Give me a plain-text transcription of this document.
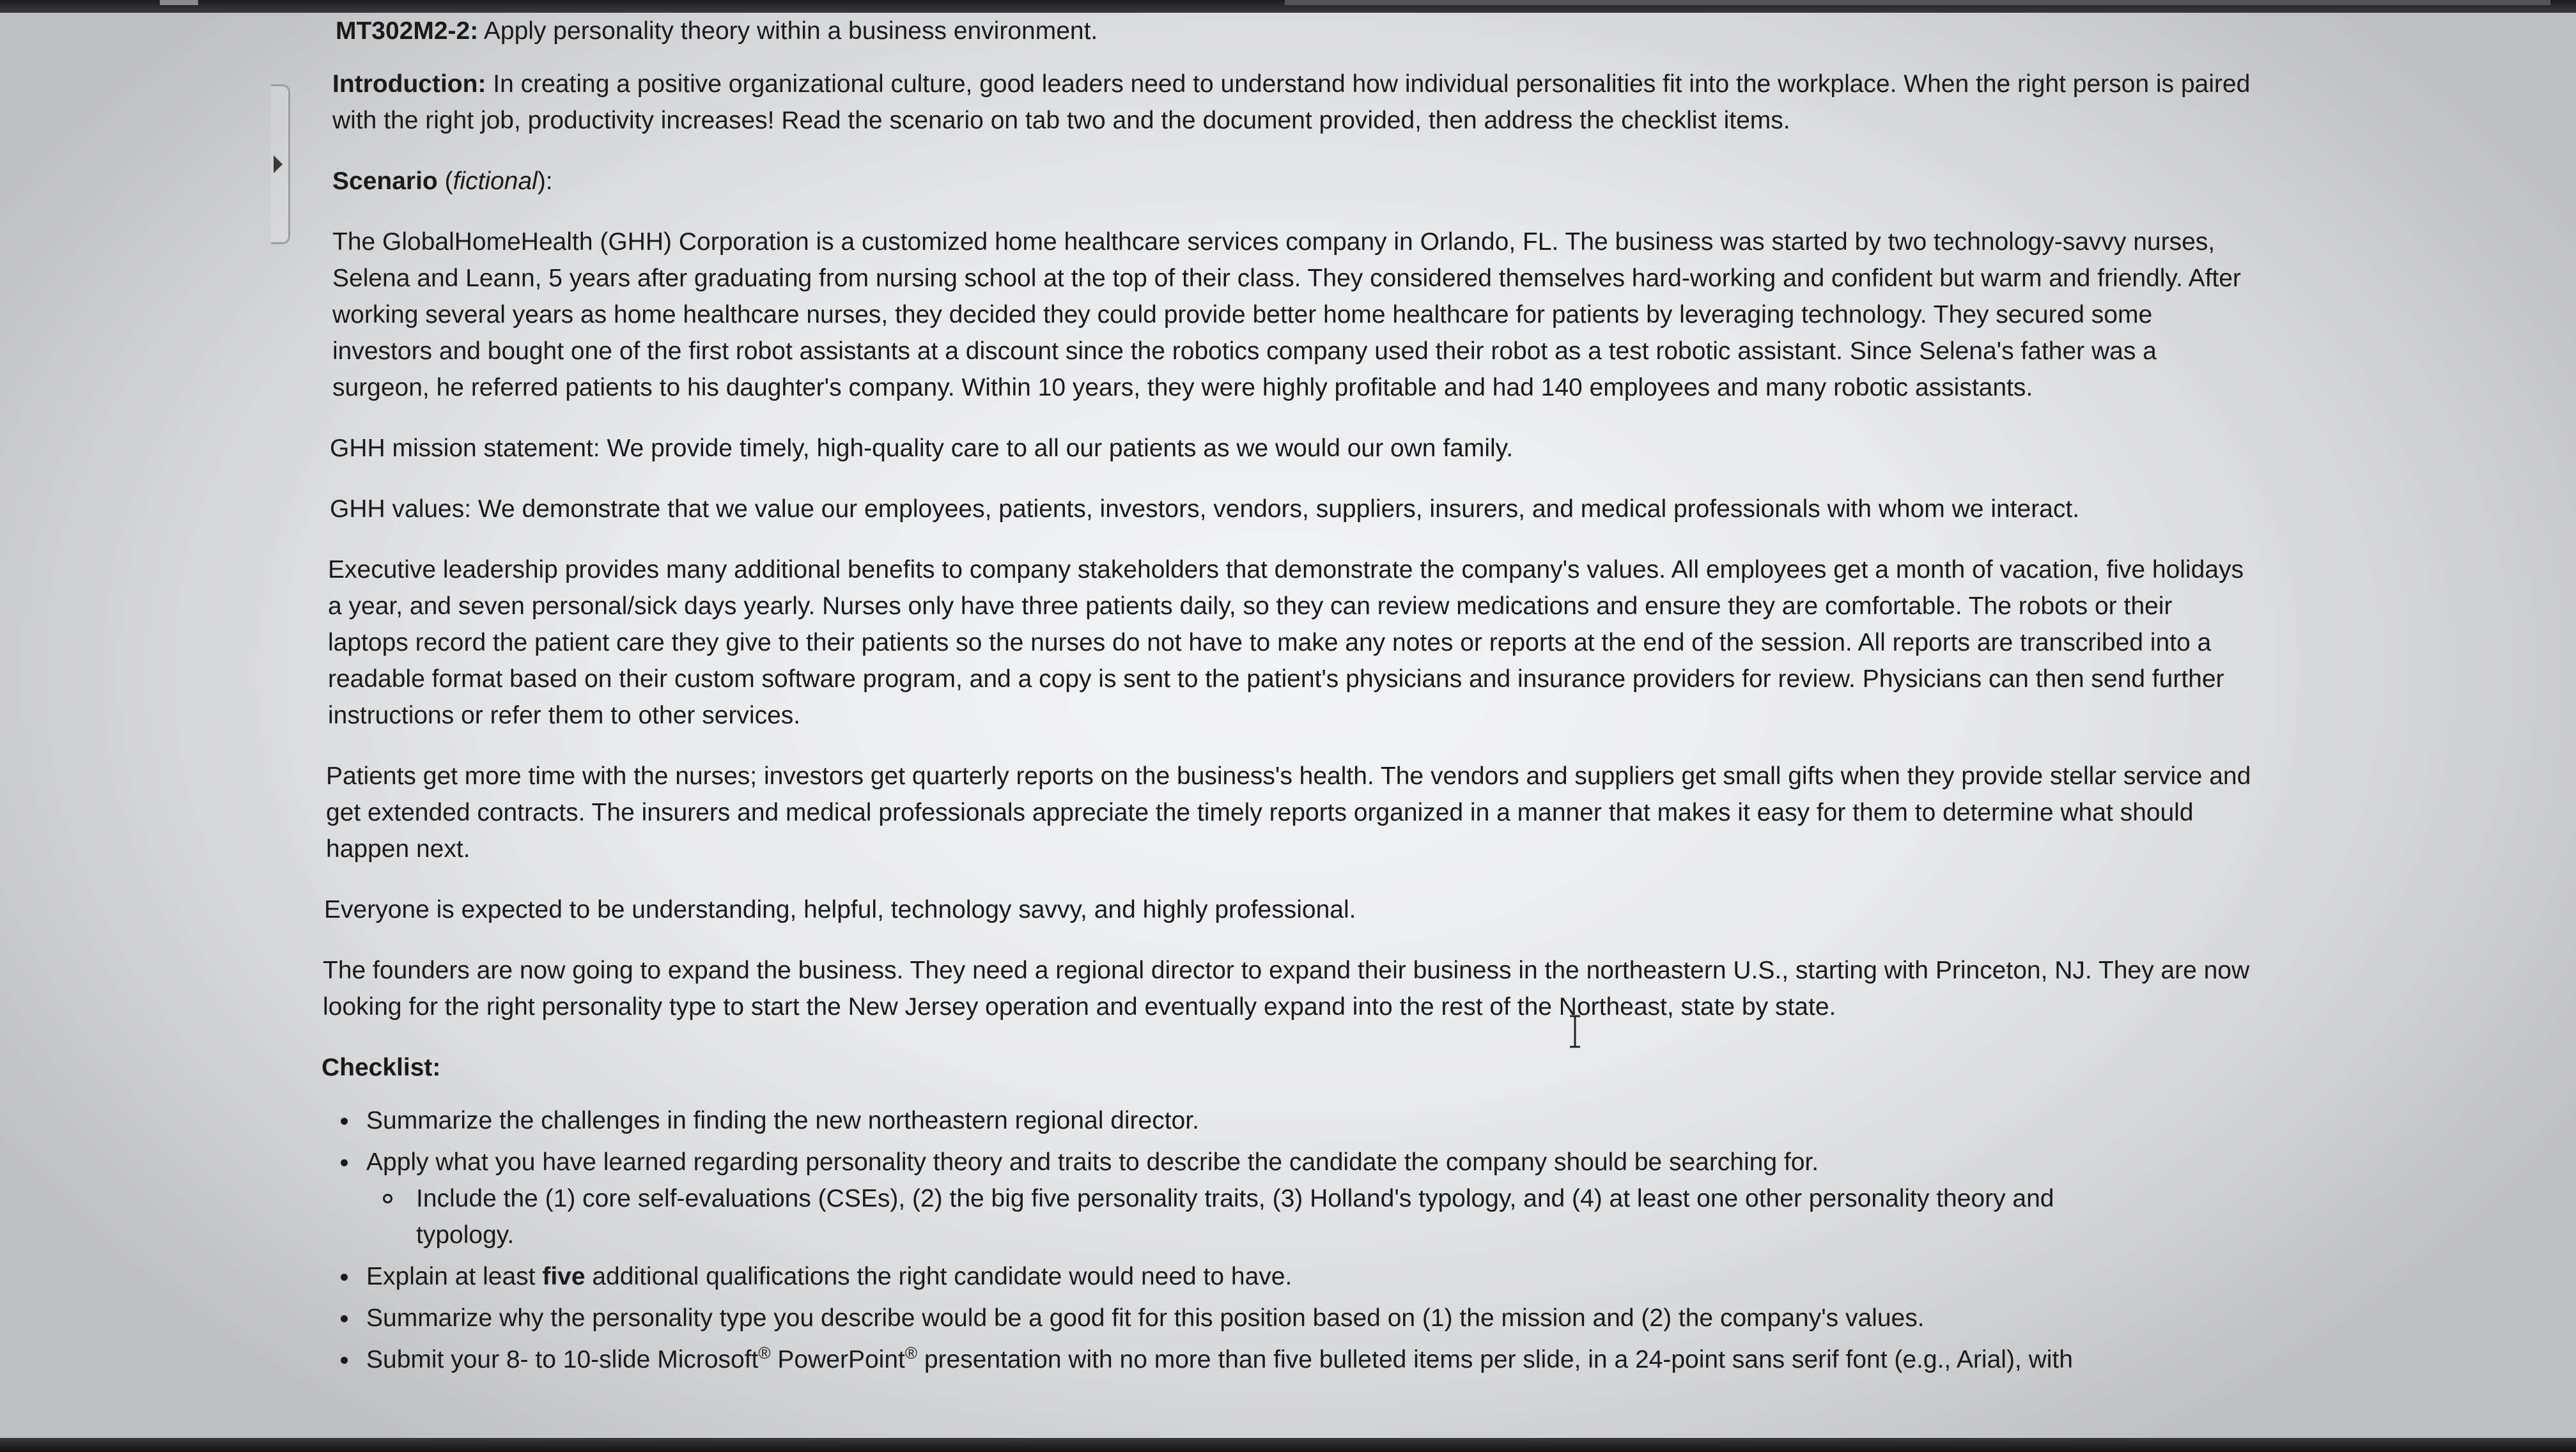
MT302M2-2: Apply personality theory within a business environment.

Introduction: In creating a positive organizational culture, good leaders need to understand how individual personalities fit into the workplace. When the right person is paired with the right job, productivity increases! Read the scenario on tab two and the document provided, then address the checklist items.

Scenario (fictional):

The GlobalHomeHealth (GHH) Corporation is a customized home healthcare services company in Orlando, FL. The business was started by two technology-savvy nurses, Selena and Leann, 5 years after graduating from nursing school at the top of their class. They considered themselves hard-working and confident but warm and friendly. After working several years as home healthcare nurses, they decided they could provide better home healthcare for patients by leveraging technology. They secured some investors and bought one of the first robot assistants at a discount since the robotics company used their robot as a test robotic assistant. Since Selena's father was a surgeon, he referred patients to his daughter's company. Within 10 years, they were highly profitable and had 140 employees and many robotic assistants.

GHH mission statement: We provide timely, high-quality care to all our patients as we would our own family.

GHH values: We demonstrate that we value our employees, patients, investors, vendors, suppliers, insurers, and medical professionals with whom we interact.

Executive leadership provides many additional benefits to company stakeholders that demonstrate the company's values. All employees get a month of vacation, five holidays a year, and seven personal/sick days yearly. Nurses only have three patients daily, so they can review medications and ensure they are comfortable. The robots or their laptops record the patient care they give to their patients so the nurses do not have to make any notes or reports at the end of the session. All reports are transcribed into a readable format based on their custom software program, and a copy is sent to the patient's physicians and insurance providers for review. Physicians can then send further instructions or refer them to other services.

Patients get more time with the nurses; investors get quarterly reports on the business's health. The vendors and suppliers get small gifts when they provide stellar service and get extended contracts. The insurers and medical professionals appreciate the timely reports organized in a manner that makes it easy for them to determine what should happen next.

Everyone is expected to be understanding, helpful, technology savvy, and highly professional.

The founders are now going to expand the business. They need a regional director to expand their business in the northeastern U.S., starting with Princeton, NJ. They are now looking for the right personality type to start the New Jersey operation and eventually expand into the rest of the Northeast, state by state.

Checklist:

Summarize the challenges in finding the new northeastern regional director.
Apply what you have learned regarding personality theory and traits to describe the candidate the company should be searching for.
Include the (1) core self-evaluations (CSEs), (2) the big five personality traits, (3) Holland's typology, and (4) at least one other personality theory and typology.
Explain at least five additional qualifications the right candidate would need to have.
Summarize why the personality type you describe would be a good fit for this position based on (1) the mission and (2) the company's values.
Submit your 8- to 10-slide Microsoft® PowerPoint® presentation with no more than five bulleted items per slide, in a 24-point sans serif font (e.g., Arial), with
